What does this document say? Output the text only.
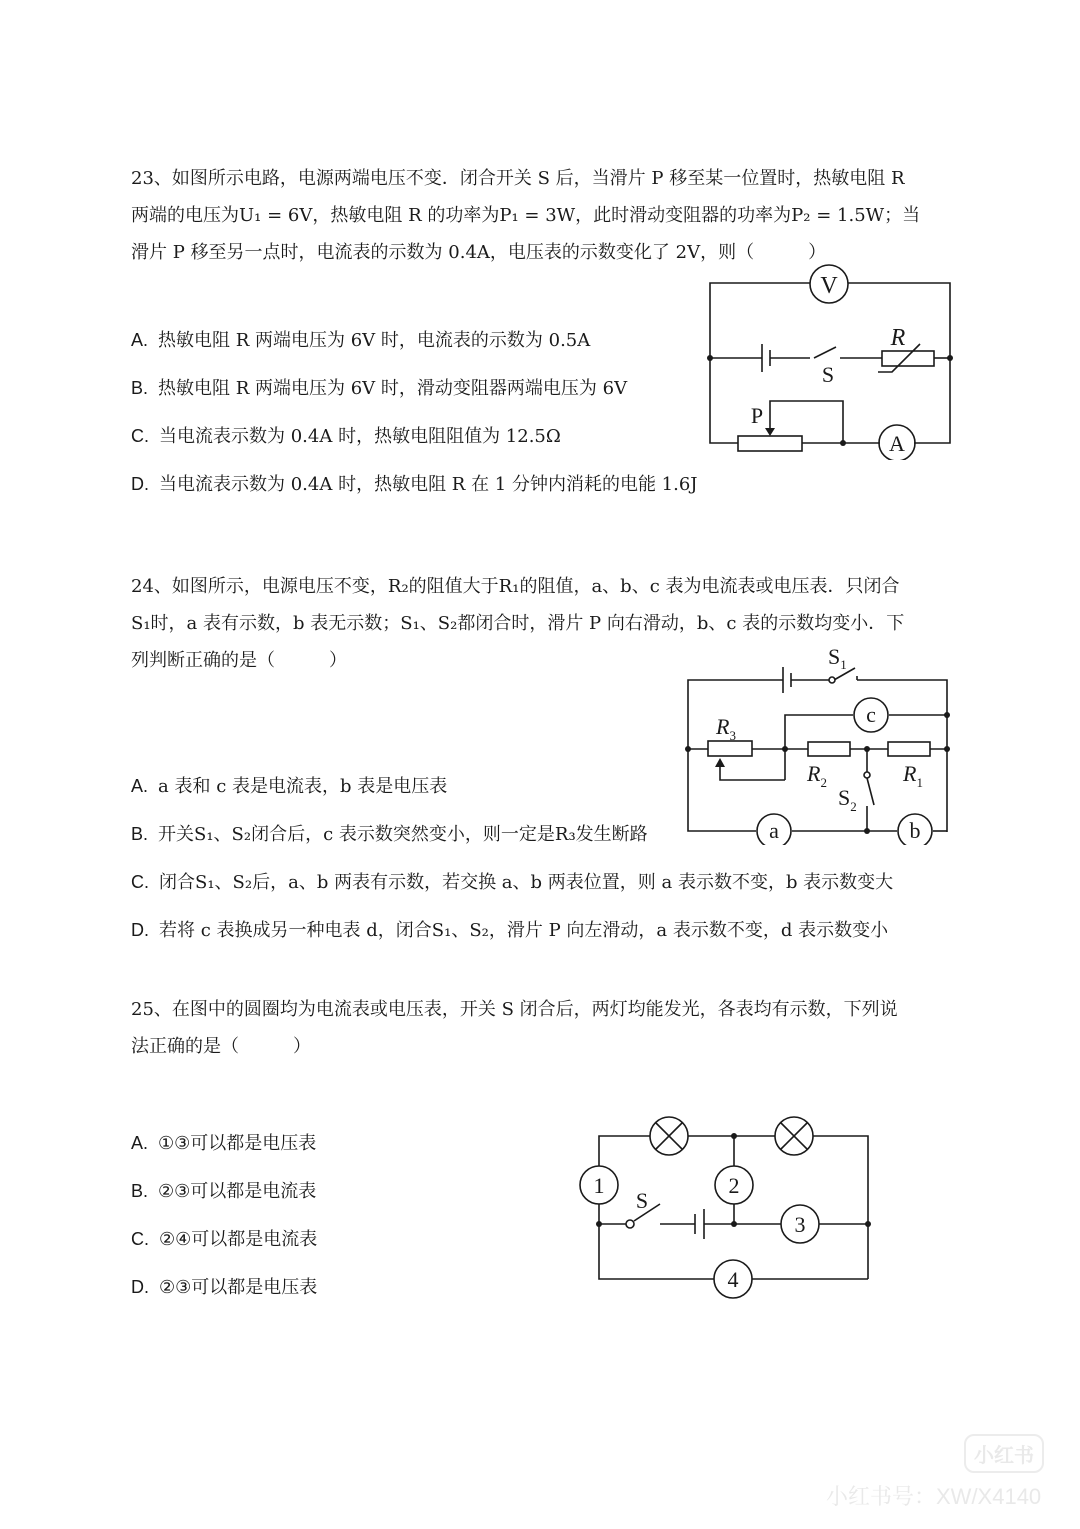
23、如图所示电路，电源两端电压不变．闭合开关 S 后，当滑片 P 移至某一位置时，热敏电阻 R
两端的电压为U₁ = 6V，热敏电阻 R 的功率为P₁ = 3W，此时滑动变阻器的功率为P₂ = 1.5W；当
滑片 P 移至另一点时，电流表的示数为 0.4A，电压表的示数变化了 2V，则（　　　）

A. 热敏电阻 R 两端电压为 6V 时，电流表的示数为 0.5A

B. 热敏电阻 R 两端电压为 6V 时，滑动变阻器两端电压为 6V

C. 当电流表示数为 0.4A 时，热敏电阻阻值为 12.5Ω

D. 当电流表示数为 0.4A 时，热敏电阻 R 在 1 分钟内消耗的电能 1.6J

V
A
R
S
P

24、如图所示，电源电压不变，R₂的阻值大于R₁的阻值，a、b、c 表为电流表或电压表．只闭合
S₁时，a 表有示数，b 表无示数；S₁、S₂都闭合时，滑片 P 向右滑动，b、c 表的示数均变小．下
列判断正确的是（　　　）

A. a 表和 c 表是电流表，b 表是电压表

B. 开关S₁、S₂闭合后，c 表示数突然变小，则一定是R₃发生断路

C. 闭合S₁、S₂后，a、b 两表有示数，若交换 a、b 两表位置，则 a 表示数不变，b 表示数变大

D. 若将 c 表换成另一种电表 d，闭合S₁、S₂，滑片 P 向左滑动，a 表示数不变，d 表示数变小

$S_1$
$R_3$
$R_2$	$R_1$
$S_2$
c
a	b

25、在图中的圆圈均为电流表或电压表，开关 S 闭合后，两灯均能发光，各表均有示数，下列说
法正确的是（　　　）

A. ①③可以都是电压表

B. ②③可以都是电流表

C. ②④可以都是电流表

D. ②③可以都是电压表

1	2
3
4
S
小红书
小红书号：XW/X4140
